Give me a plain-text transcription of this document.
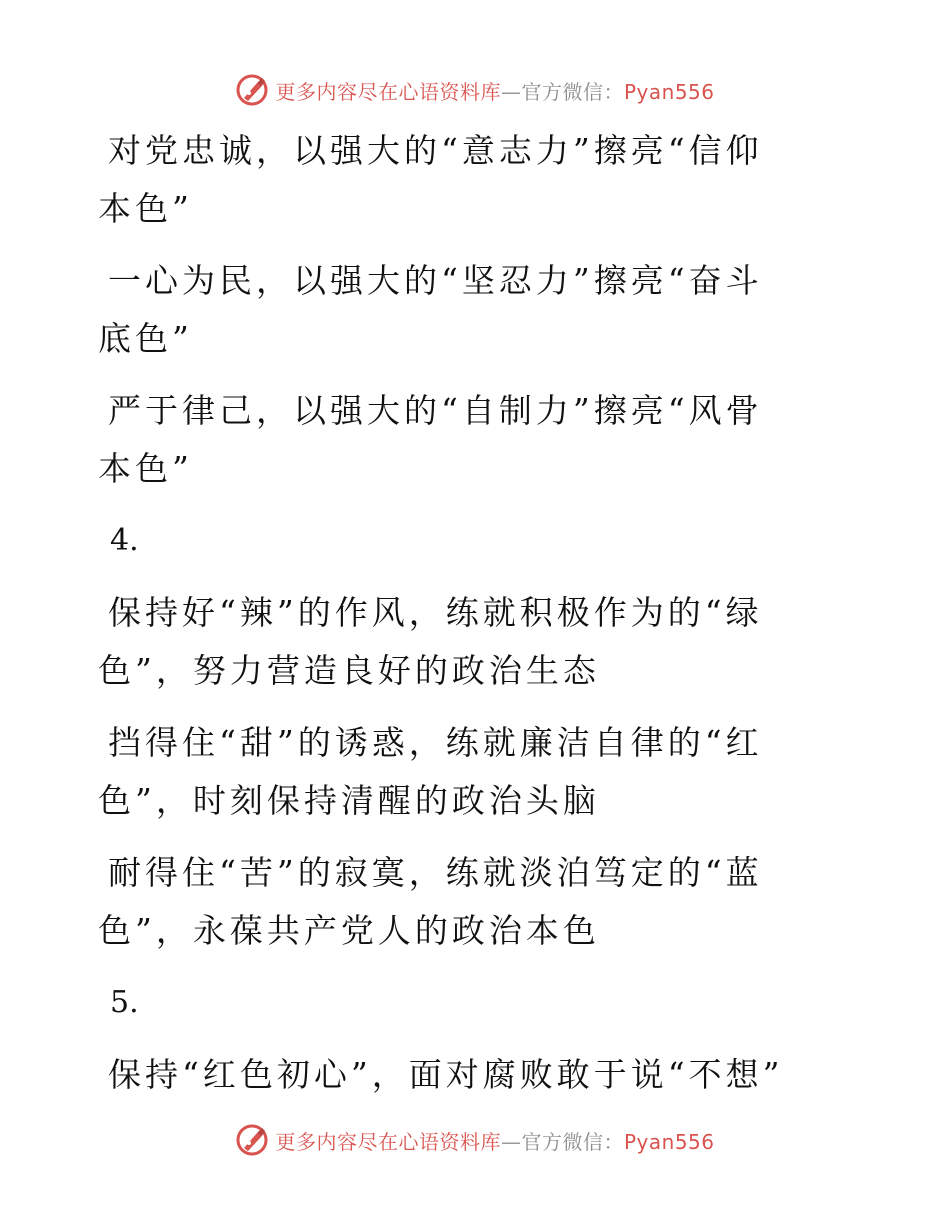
更多内容尽在心语资料库—官方微信：Pyan556

对党忠诚，以强大的“意志力”擦亮“信仰本色”

一心为民，以强大的“坚忍力”擦亮“奋斗底色”

严于律己，以强大的“自制力”擦亮“风骨本色”

4.

保持好“辣”的作风，练就积极作为的“绿色”，努力营造良好的政治生态

挡得住“甜”的诱惑，练就廉洁自律的“红色”，时刻保持清醒的政治头脑

耐得住“苦”的寂寞，练就淡泊笃定的“蓝色”，永葆共产党人的政治本色

5.

保持“红色初心”，面对腐败敢于说“不想”

更多内容尽在心语资料库—官方微信：Pyan556
